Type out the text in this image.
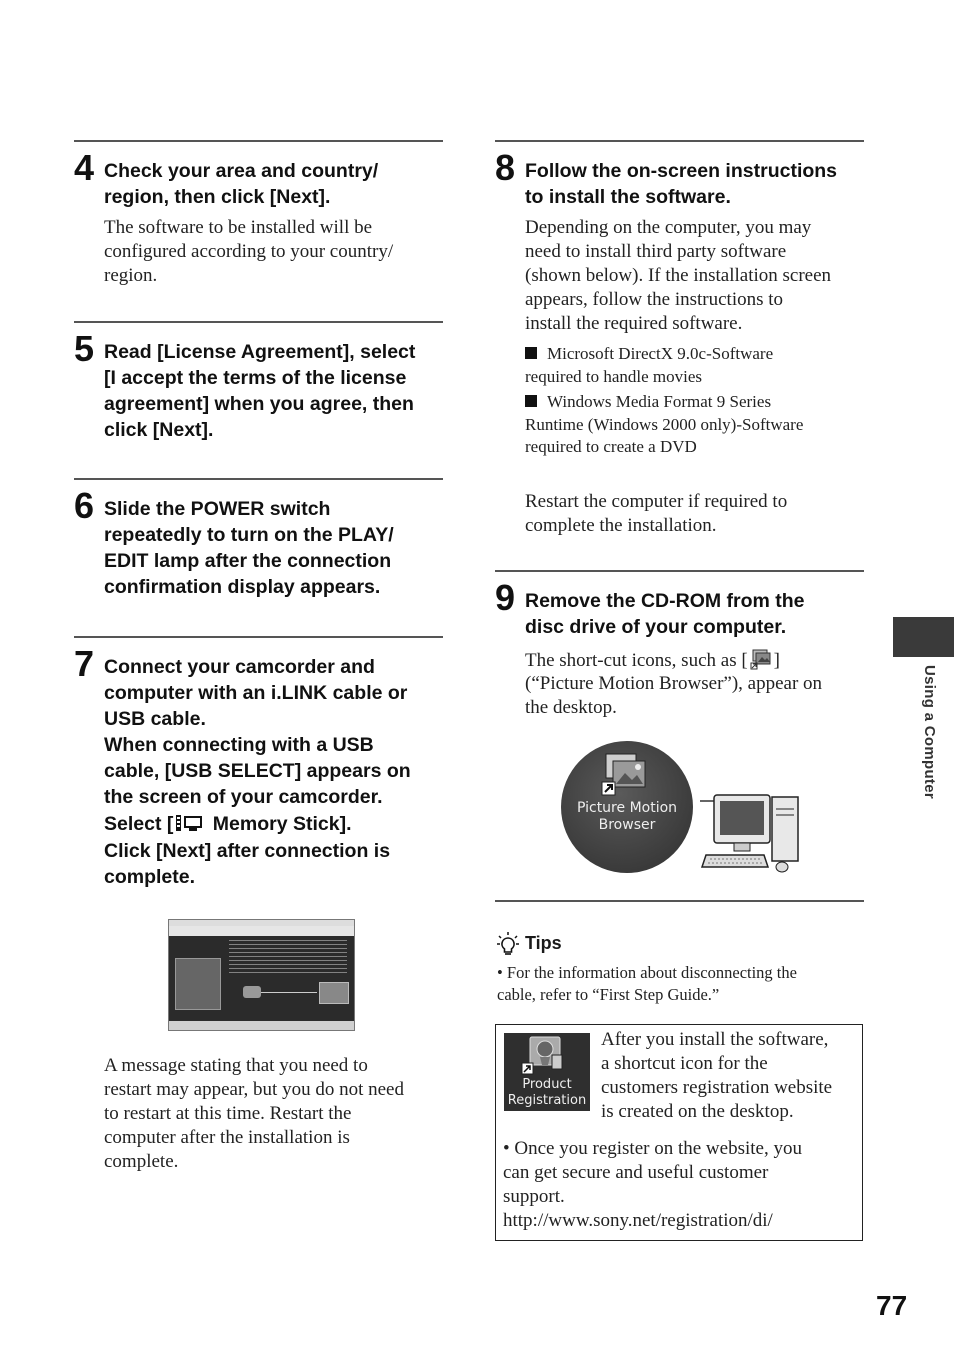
4 Check your area and country/
region, then click [Next].
The software to be installed will be
configured according to your country/
region.
5 Read [License Agreement], select
[I accept the terms of the license
agreement] when you agree, then
click [Next].
6 Slide the POWER switch
repeatedly to turn on the PLAY/
EDIT lamp after the connection
confirmation display appears.
7 Connect your camcorder and
computer with an i.LINK cable or
USB cable.
When connecting with a USB
cable, [USB SELECT] appears on
the screen of your camcorder.
Select [ Memory Stick].
Click [Next] after connection is
complete.
A message stating that you need to
restart may appear, but you do not need
to restart at this time. Restart the
computer after the installation is
complete.
8 Follow the on-screen instructions
to install the software.
Depending on the computer, you may
need to install third party software
(shown below). If the installation screen
appears, follow the instructions to
install the required software.
Microsoft DirectX 9.0c-Software
required to handle movies
Windows Media Format 9 Series
Runtime (Windows 2000 only)-Software
required to create a DVD
Restart the computer if required to
complete the installation.
9 Remove the CD-ROM from the
disc drive of your computer.
The short-cut icons, such as [ ]
(“Picture Motion Browser”), appear on
the desktop.
Picture Motion
Browser
Tips
• For the information about disconnecting the
cable, refer to “First Step Guide.”
Product
Registration
After you install the software,
a shortcut icon for the
customers registration website
is created on the desktop.
• Once you register on the website, you
can get secure and useful customer
support.
http://www.sony.net/registration/di/
Using a Computer
77
